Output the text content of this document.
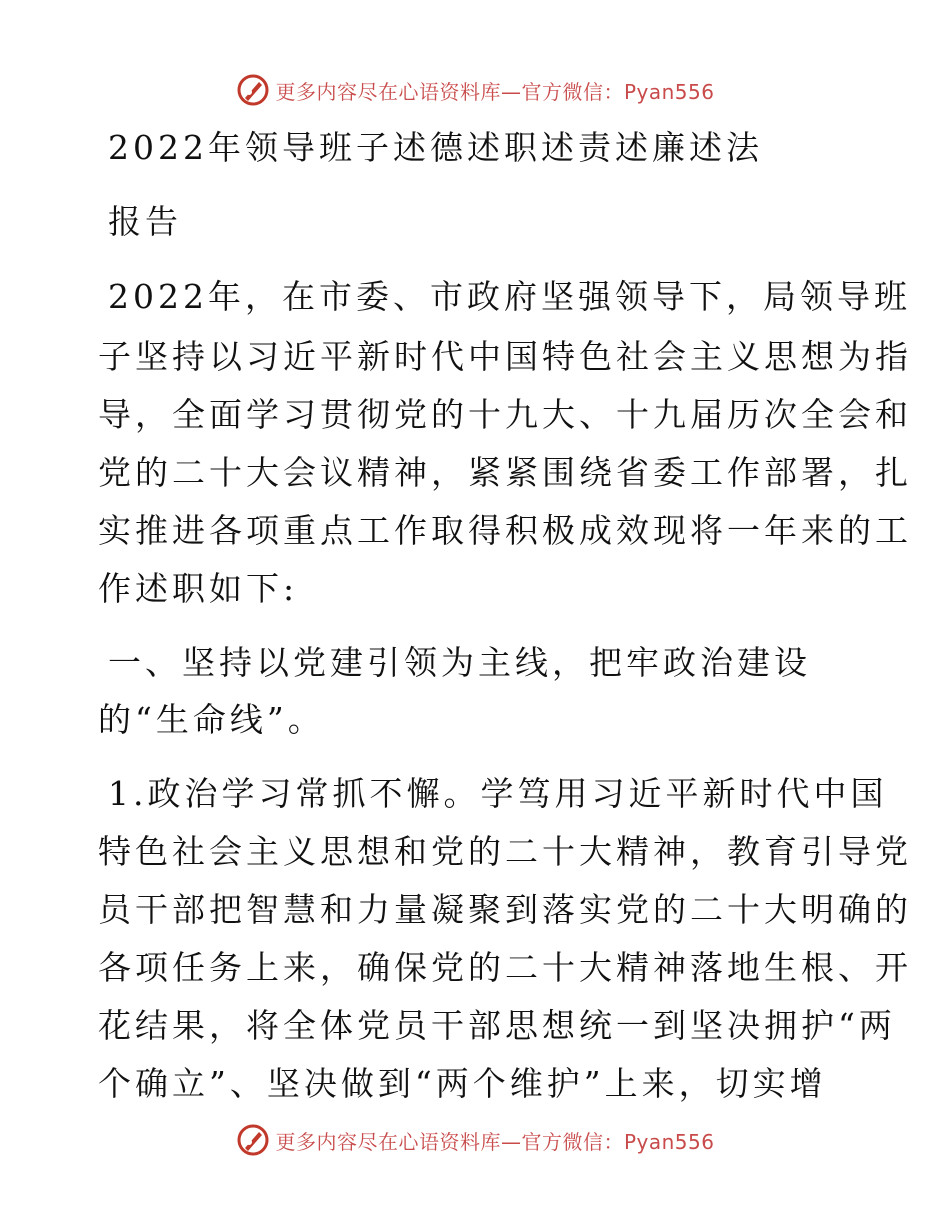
更多内容尽在心语资料库—官方微信：Pyan556
2022年领导班子述德述职述责述廉述法
报告
2022年，在市委、市政府坚强领导下，局领导班
子坚持以习近平新时代中国特色社会主义思想为指
导，全面学习贯彻党的十九大、十九届历次全会和
党的二十大会议精神，紧紧围绕省委工作部署，扎
实推进各项重点工作取得积极成效现将一年来的工
作述职如下:
一、坚持以党建引领为主线，把牢政治建设
的“生命线”。
1.政治学习常抓不懈。学笃用习近平新时代中国
特色社会主义思想和党的二十大精神，教育引导党
员干部把智慧和力量凝聚到落实党的二十大明确的
各项任务上来，确保党的二十大精神落地生根、开
花结果，将全体党员干部思想统一到坚决拥护“两
个确立”、坚决做到“两个维护”上来，切实增
更多内容尽在心语资料库—官方微信：Pyan556
